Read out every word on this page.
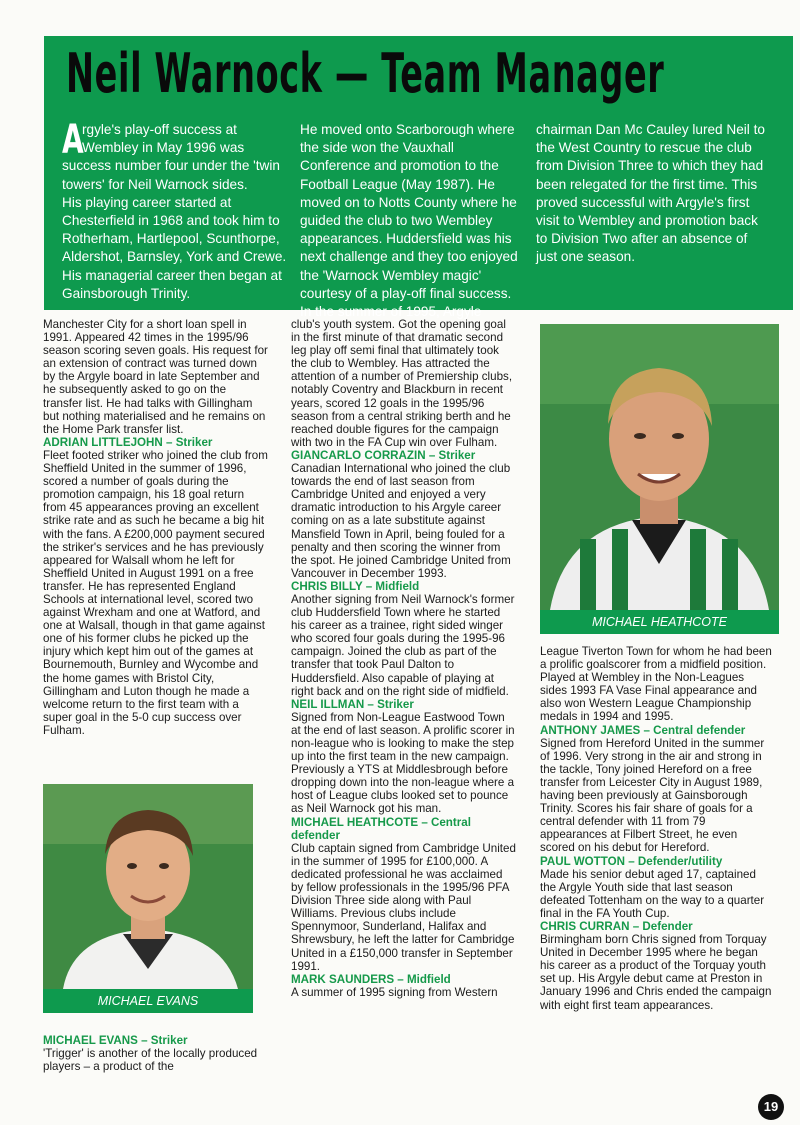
Neil Warnock — Team Manager
A

rgyle's play-off success at Wembley in May 1996 was success number four under the 'twin towers' for Neil Warnock sides.

His playing career started at Chesterfield in 1968 and took him to Rotherham, Hartlepool, Scunthorpe, Aldershot, Barnsley, York and Crewe. His managerial career then began at Gainsborough Trinity.

He moved onto Scarborough where the side won the Vauxhall Conference and promotion to the Football League (May 1987). He moved on to Notts County where he guided the club to two Wembley appearances. Huddersfield was his next challenge and they too enjoyed the 'Warnock Wembley magic' courtesy of a play-off final success.

In the summer of 1995, Argyle

chairman Dan Mc Cauley lured Neil to the West Country to rescue the club from Division Three to which they had been relegated for the first time. This proved successful with Argyle's first visit to Wembley and promotion back to Division Two after an absence of just one season.

Manchester City for a short loan spell in 1991. Appeared 42 times in the 1995/96 season scoring seven goals. His request for an extension of contract was turned down by the Argyle board in late September and he subsequently asked to go on the transfer list. He had talks with Gillingham but nothing materialised and he remains on the Home Park transfer list.

ADRIAN LITTLEJOHN – Striker

Fleet footed striker who joined the club from Sheffield United in the summer of 1996, scored a number of goals during the promotion campaign, his 18 goal return from 45 appearances proving an excellent strike rate and as such he became a big hit with the fans. A £200,000 payment secured the striker's services and he has previously appeared for Walsall whom he left for Sheffield United in August 1991 on a free transfer. He has represented England Schools at international level, scored two against Wrexham and one at Watford, and one at Walsall, though in that game against one of his former clubs he picked up the injury which kept him out of the games at Bournemouth, Burnley and Wycombe and the home games with Bristol City, Gillingham and Luton though he made a welcome return to the first team with a super goal in the 5-0 cup success over Fulham.

MICHAEL EVANS

MICHAEL EVANS – Striker

'Trigger' is another of the locally produced players – a product of the

club's youth system. Got the opening goal in the first minute of that dramatic second leg play off semi final that ultimately took the club to Wembley. Has attracted the attention of a number of Premiership clubs, notably Coventry and Blackburn in recent years, scored 12 goals in the 1995/96 season from a central striking berth and he reached double figures for the campaign with two in the FA Cup win over Fulham.

GIANCARLO CORRAZIN – Striker

Canadian International who joined the club towards the end of last season from Cambridge United and enjoyed a very dramatic introduction to his Argyle career coming on as a late substitute against Mansfield Town in April, being fouled for a penalty and then scoring the winner from the spot. He joined Cambridge United from Vancouver in December 1993.

CHRIS BILLY – Midfield

Another signing from Neil Warnock's former club Huddersfield Town where he started his career as a trainee, right sided winger who scored four goals during the 1995-96 campaign. Joined the club as part of the transfer that took Paul Dalton to Huddersfield. Also capable of playing at right back and on the right side of midfield.

NEIL ILLMAN – Striker

Signed from Non-League Eastwood Town at the end of last season. A prolific scorer in non-league who is looking to make the step up into the first team in the new campaign. Previously a YTS at Middlesbrough before dropping down into the non-league where a host of League clubs looked set to pounce as Neil Warnock got his man.

MICHAEL HEATHCOTE – Central defender

Club captain signed from Cambridge United in the summer of 1995 for £100,000. A dedicated professional he was acclaimed by fellow professionals in the 1995/96 PFA Division Three side along with Paul Williams. Previous clubs include Spennymoor, Sunderland, Halifax and Shrewsbury, he left the latter for Cambridge United in a £150,000 transfer in September 1991.

MARK SAUNDERS – Midfield

A summer of 1995 signing from Western

MICHAEL HEATHCOTE

League Tiverton Town for whom he had been a prolific goalscorer from a midfield position. Played at Wembley in the Non-Leagues sides 1993 FA Vase Final appearance and also won Western League Championship medals in 1994 and 1995.

ANTHONY JAMES – Central defender

Signed from Hereford United in the summer of 1996. Very strong in the air and strong in the tackle, Tony joined Hereford on a free transfer from Leicester City in August 1989, having been previously at Gainsborough Trinity. Scores his fair share of goals for a central defender with 11 from 79 appearances at Filbert Street, he even scored on his debut for Hereford.

PAUL WOTTON – Defender/utility

Made his senior debut aged 17, captained the Argyle Youth side that last season defeated Tottenham on the way to a quarter final in the FA Youth Cup.

CHRIS CURRAN – Defender

Birmingham born Chris signed from Torquay United in December 1995 where he began his career as a product of the Torquay youth set up. His Argyle debut came at Preston in January 1996 and Chris ended the campaign with eight first team appearances.

19
